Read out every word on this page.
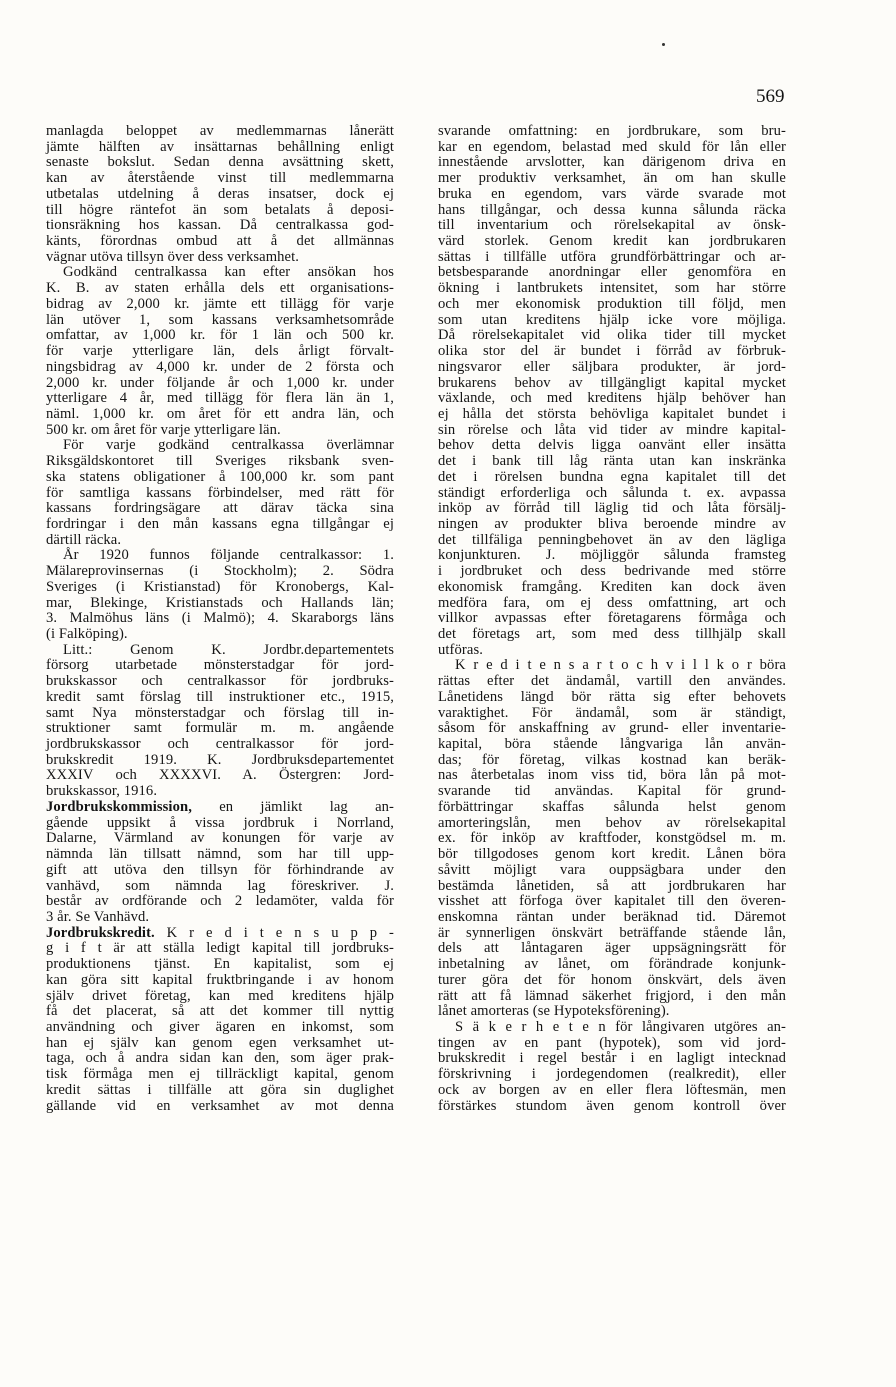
569
manlagda beloppet av medlemmarnas lånerätt
jämte hälften av insättarnas behållning enligt
senaste bokslut. Sedan denna avsättning skett,
kan av återstående vinst till medlemmarna
utbetalas utdelning å deras insatser, dock ej
till högre räntefot än som betalats å deposi-
tionsräkning hos kassan. Då centralkassa god-
känts, förordnas ombud att å det allmännas
vägnar utöva tillsyn över dess verksamhet.
Godkänd centralkassa kan efter ansökan hos
K. B. av staten erhålla dels ett organisations-
bidrag av 2,000 kr. jämte ett tillägg för varje
län utöver 1, som kassans verksamhetsområde
omfattar, av 1,000 kr. för 1 län och 500 kr.
för varje ytterligare län, dels årligt förvalt-
ningsbidrag av 4,000 kr. under de 2 första och
2,000 kr. under följande år och 1,000 kr. under
ytterligare 4 år, med tillägg för flera län än 1,
näml. 1,000 kr. om året för ett andra län, och
500 kr. om året för varje ytterligare län.
För varje godkänd centralkassa överlämnar
Riksgäldskontoret till Sveriges riksbank sven-
ska statens obligationer å 100,000 kr. som pant
för samtliga kassans förbindelser, med rätt för
kassans fordringsägare att därav täcka sina
fordringar i den mån kassans egna tillgångar ej
därtill räcka.
År 1920 funnos följande centralkassor: 1.
Mälareprovinsernas (i Stockholm); 2. Södra
Sveriges (i Kristianstad) för Kronobergs, Kal-
mar, Blekinge, Kristianstads och Hallands län;
3. Malmöhus läns (i Malmö); 4. Skaraborgs läns
(i Falköping).
Litt.: Genom K. Jordbr.departementets
försorg utarbetade mönsterstadgar för jord-
brukskassor och centralkassor för jordbruks-
kredit samt förslag till instruktioner etc., 1915,
samt Nya mönsterstadgar och förslag till in-
struktioner samt formulär m. m. angående
jordbrukskassor och centralkassor för jord-
brukskredit 1919. K. Jordbruksdepartementet
XXXIV och XXXXVI. A. Östergren: Jord-
brukskassor, 1916.
Jordbrukskommission, en jämlikt lag an-
gående uppsikt å vissa jordbruk i Norrland,
Dalarne, Värmland av konungen för varje av
nämnda län tillsatt nämnd, som har till upp-
gift att utöva den tillsyn för förhindrande av
vanhävd, som nämnda lag föreskriver. J.
består av ordförande och 2 ledamöter, valda för
3 år. Se Vanhävd.
Jordbrukskredit. K r e d i t e n s u p p -
g i f t är att ställa ledigt kapital till jordbruks-
produktionens tjänst. En kapitalist, som ej
kan göra sitt kapital fruktbringande i av honom
själv drivet företag, kan med kreditens hjälp
få det placerat, så att det kommer till nyttig
användning och giver ägaren en inkomst, som
han ej själv kan genom egen verksamhet ut-
taga, och å andra sidan kan den, som äger prak-
tisk förmåga men ej tillräckligt kapital, genom
kredit sättas i tillfälle att göra sin duglighet
gällande vid en verksamhet av mot denna
svarande omfattning: en jordbrukare, som bru-
kar en egendom, belastad med skuld för lån eller
innestående arvslotter, kan därigenom driva en
mer produktiv verksamhet, än om han skulle
bruka en egendom, vars värde svarade mot
hans tillgångar, och dessa kunna sålunda räcka
till inventarium och rörelsekapital av önsk-
värd storlek. Genom kredit kan jordbrukaren
sättas i tillfälle utföra grundförbättringar och ar-
betsbesparande anordningar eller genomföra en
ökning i lantbrukets intensitet, som har större
och mer ekonomisk produktion till följd, men
som utan kreditens hjälp icke vore möjliga.
Då rörelsekapitalet vid olika tider till mycket
olika stor del är bundet i förråd av förbruk-
ningsvaror eller säljbara produkter, är jord-
brukarens behov av tillgängligt kapital mycket
växlande, och med kreditens hjälp behöver han
ej hålla det största behövliga kapitalet bundet i
sin rörelse och låta vid tider av mindre kapital-
behov detta delvis ligga oanvänt eller insätta
det i bank till låg ränta utan kan inskränka
det i rörelsen bundna egna kapitalet till det
ständigt erforderliga och sålunda t. ex. avpassa
inköp av förråd till läglig tid och låta försälj-
ningen av produkter bliva beroende mindre av
det tillfäliga penningbehovet än av den lägliga
konjunkturen. J. möjliggör sålunda framsteg
i jordbruket och dess bedrivande med större
ekonomisk framgång. Krediten kan dock även
medföra fara, om ej dess omfattning, art och
villkor avpassas efter företagarens förmåga och
det företags art, som med dess tillhjälp skall
utföras.
K r e d i t e n s a r t o c h v i l l k o r böra
rättas efter det ändamål, vartill den användes.
Lånetidens längd bör rätta sig efter behovets
varaktighet. För ändamål, som är ständigt,
såsom för anskaffning av grund- eller inventarie-
kapital, böra stående långvariga lån använ-
das; för företag, vilkas kostnad kan beräk-
nas återbetalas inom viss tid, böra lån på mot-
svarande tid användas. Kapital för grund-
förbättringar skaffas sålunda helst genom
amorteringslån, men behov av rörelsekapital
ex. för inköp av kraftfoder, konstgödsel m. m.
bör tillgodoses genom kort kredit. Lånen böra
såvitt möjligt vara ouppsägbara under den
bestämda lånetiden, så att jordbrukaren har
visshet att förfoga över kapitalet till den överen-
enskomna räntan under beräknad tid. Däremot
är synnerligen önskvärt beträffande stående lån,
dels att låntagaren äger uppsägningsrätt för
inbetalning av lånet, om förändrade konjunk-
turer göra det för honom önskvärt, dels även
rätt att få lämnad säkerhet frigjord, i den mån
lånet amorteras (se Hypoteksförening).
S ä k e r h e t e n för långivaren utgöres an-
tingen av en pant (hypotek), som vid jord-
brukskredit i regel består i en lagligt intecknad
förskrivning i jordegendomen (realkredit), eller
ock av borgen av en eller flera löftesmän, men
förstärkes stundom även genom kontroll över
